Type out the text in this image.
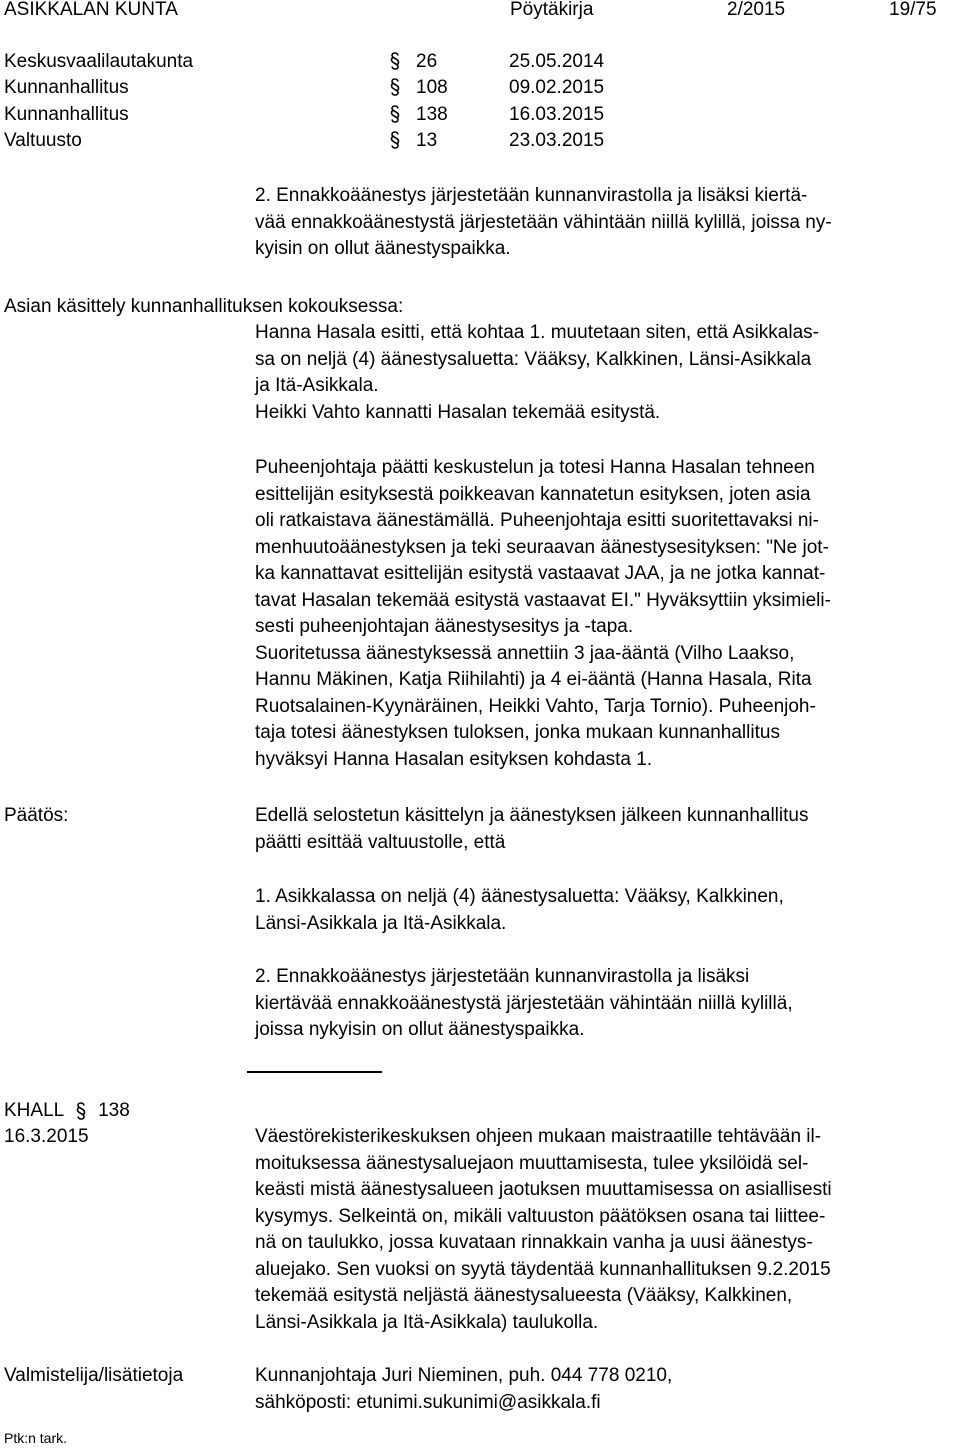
ASIKKALAN KUNTA	Pöytäkirja	2/2015	19/75
Keskusvaalilautakunta	26	25.05.2014
Kunnanhallitus	108	09.02.2015
Kunnanhallitus	138	16.03.2015
Valtuusto	13	23.03.2015

2. Ennakkoäänestys järjestetään kunnanvirastolla ja lisäksi kiertä-

vää ennakkoäänestystä järjestetään vähintään niillä kylillä, joissa ny-

kyisin on ollut äänestyspaikka.

Asian käsittely kunnanhallituksen kokouksessa:

Hanna Hasala esitti, että kohtaa 1. muutetaan siten, että Asikkalas-

sa on neljä (4) äänestysaluetta: Vääksy, Kalkkinen, Länsi-Asikkala

ja Itä-Asikkala.

Heikki Vahto kannatti Hasalan tekemää esitystä.

Puheenjohtaja päätti keskustelun ja totesi Hanna Hasalan tehneen

esittelijän esityksestä poikkeavan kannatetun esityksen, joten asia

oli ratkaistava äänestämällä. Puheenjohtaja esitti suoritettavaksi ni-

menhuutoäänestyksen ja teki seuraavan äänestysesityksen: "Ne jot-

ka kannattavat esittelijän esitystä vastaavat JAA, ja ne jotka kannat-

tavat Hasalan tekemää esitystä vastaavat EI." Hyväksyttiin yksimieli-

sesti puheenjohtajan äänestysesitys ja -tapa.

Suoritetussa äänestyksessä annettiin 3 jaa-ääntä (Vilho Laakso,

Hannu Mäkinen, Katja Riihilahti) ja 4 ei-ääntä (Hanna Hasala, Rita

Ruotsalainen-Kyynäräinen, Heikki Vahto, Tarja Tornio). Puheenjoh-

taja totesi äänestyksen tuloksen, jonka mukaan kunnanhallitus

hyväksyi Hanna Hasalan esityksen kohdasta 1.

Päätös:	Edellä selostetun käsittelyn ja äänestyksen jälkeen kunnanhallitus

päätti esittää valtuustolle, että

1. Asikkalassa on neljä (4) äänestysaluetta: Vääksy, Kalkkinen,

Länsi-Asikkala ja Itä-Asikkala.

2. Ennakkoäänestys järjestetään kunnanvirastolla ja lisäksi

kiertävää ennakkoäänestystä järjestetään vähintään niillä kylillä,

joissa nykyisin on ollut äänestyspaikka.

KHALL 138
16.3.2015	Väestörekisterikeskuksen ohjeen mukaan maistraatille tehtävään il-

moituksessa äänestysaluejaon muuttamisesta, tulee yksilöidä sel-

keästi mistä äänestysalueen jaotuksen muuttamisessa on asiallisesti

kysymys. Selkeintä on, mikäli valtuuston päätöksen osana tai liittee-

nä on taulukko, jossa kuvataan rinnakkain vanha ja uusi äänestys-

aluejako. Sen vuoksi on syytä täydentää kunnanhallituksen 9.2.2015

tekemää esitystä neljästä äänestysalueesta (Vääksy, Kalkkinen,

Länsi-Asikkala ja Itä-Asikkala) taulukolla.

Valmistelija/lisätietoja	Kunnanjohtaja Juri Nieminen, puh. 044 778 0210,

sähköposti: etunimi.sukunimi@asikkala.fi

Ptk:n tark.
